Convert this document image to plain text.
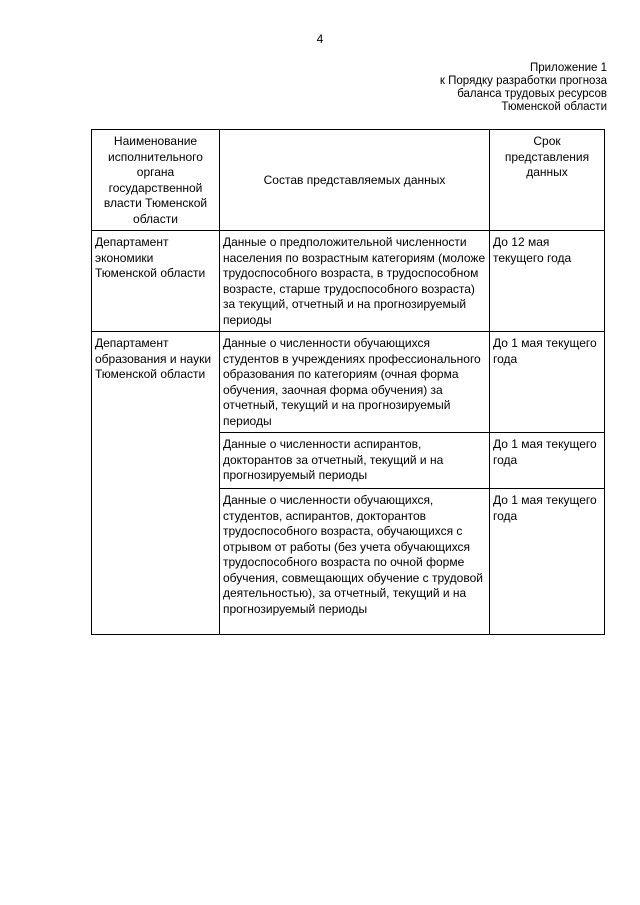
4
Приложение 1
к Порядку разработки прогноза
баланса трудовых ресурсов
Тюменской области
Наименование исполнительного органа государственной власти Тюменской области	Состав представляемых данных	Срок представления данных
Департамент экономики Тюменской области	Данные о предположительной численности населения по возрастным категориям (моложе трудоспособного возраста, в трудоспособном возрасте, старше трудоспособного возраста) за текущий, отчетный и на прогнозируемый периоды	До 12 мая текущего года
Департамент образования и науки Тюменской области	Данные о численности обучающихся студентов в учреждениях профессионального образования по категориям (очная форма обучения, заочная форма обучения) за отчетный, текущий и на прогнозируемый периоды	До 1 мая текущего года
	Данные о численности аспирантов, докторантов за отчетный, текущий и на прогнозируемый периоды	До 1 мая текущего года
	Данные о численности обучающихся, студентов, аспирантов, докторантов трудоспособного возраста, обучающихся с отрывом от работы (без учета обучающихся трудоспособного возраста по очной форме обучения, совмещающих обучение с трудовой деятельностью), за отчетный, текущий и на прогнозируемый периоды	До 1 мая текущего года
